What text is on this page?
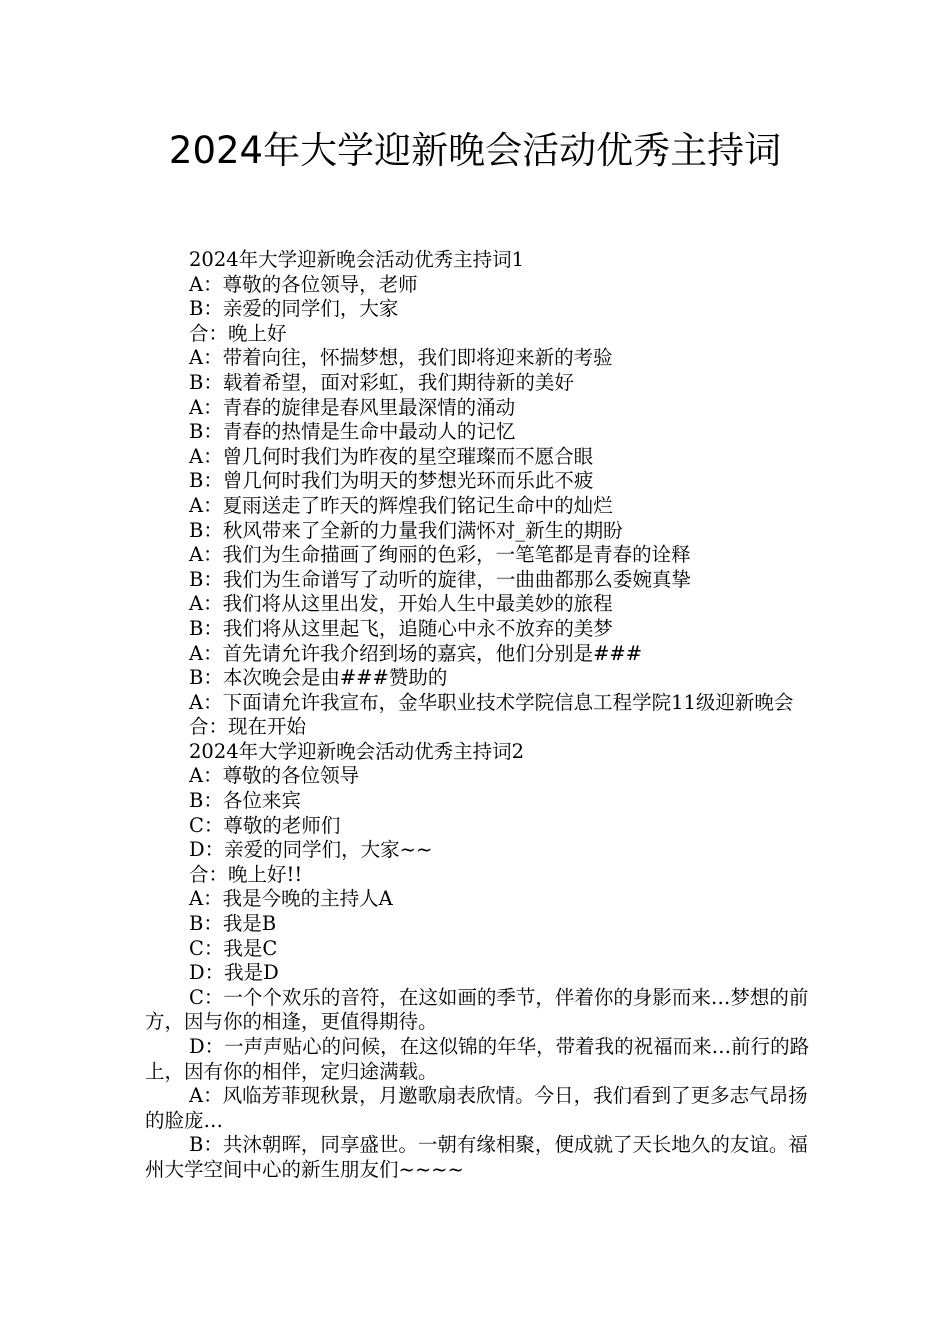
2024年大学迎新晚会活动优秀主持词

2024年大学迎新晚会活动优秀主持词1

A：尊敬的各位领导，老师

B：亲爱的同学们，大家

合：晚上好

A：带着向往，怀揣梦想，我们即将迎来新的考验

B：载着希望，面对彩虹，我们期待新的美好

A：青春的旋律是春风里最深情的涌动

B：青春的热情是生命中最动人的记忆

A：曾几何时我们为昨夜的星空璀璨而不愿合眼

B：曾几何时我们为明天的梦想光环而乐此不疲

A：夏雨送走了昨天的辉煌我们铭记生命中的灿烂

B：秋风带来了全新的力量我们满怀对_新生的期盼

A：我们为生命描画了绚丽的色彩，一笔笔都是青春的诠释

B：我们为生命谱写了动听的旋律，一曲曲都那么委婉真挚

A：我们将从这里出发，开始人生中最美妙的旅程

B：我们将从这里起飞，追随心中永不放弃的美梦

A：首先请允许我介绍到场的嘉宾，他们分别是###

B：本次晚会是由###赞助的

A：下面请允许我宣布，金华职业技术学院信息工程学院11级迎新晚会

合：现在开始

2024年大学迎新晚会活动优秀主持词2

A：尊敬的各位领导

B：各位来宾

C：尊敬的老师们

D：亲爱的同学们，大家~~

合：晚上好!!

A：我是今晚的主持人A

B：我是B

C：我是C

D：我是D

C：一个个欢乐的音符，在这如画的季节，伴着你的身影而来…梦想的前方，因与你的相逢，更值得期待。

D：一声声贴心的问候，在这似锦的年华，带着我的祝福而来…前行的路上，因有你的相伴，定归途满载。

A：风临芳菲现秋景，月邀歌扇表欣情。今日，我们看到了更多志气昂扬的脸庞…

B：共沐朝晖，同享盛世。一朝有缘相聚，便成就了天长地久的友谊。福州大学空间中心的新生朋友们~~~~
